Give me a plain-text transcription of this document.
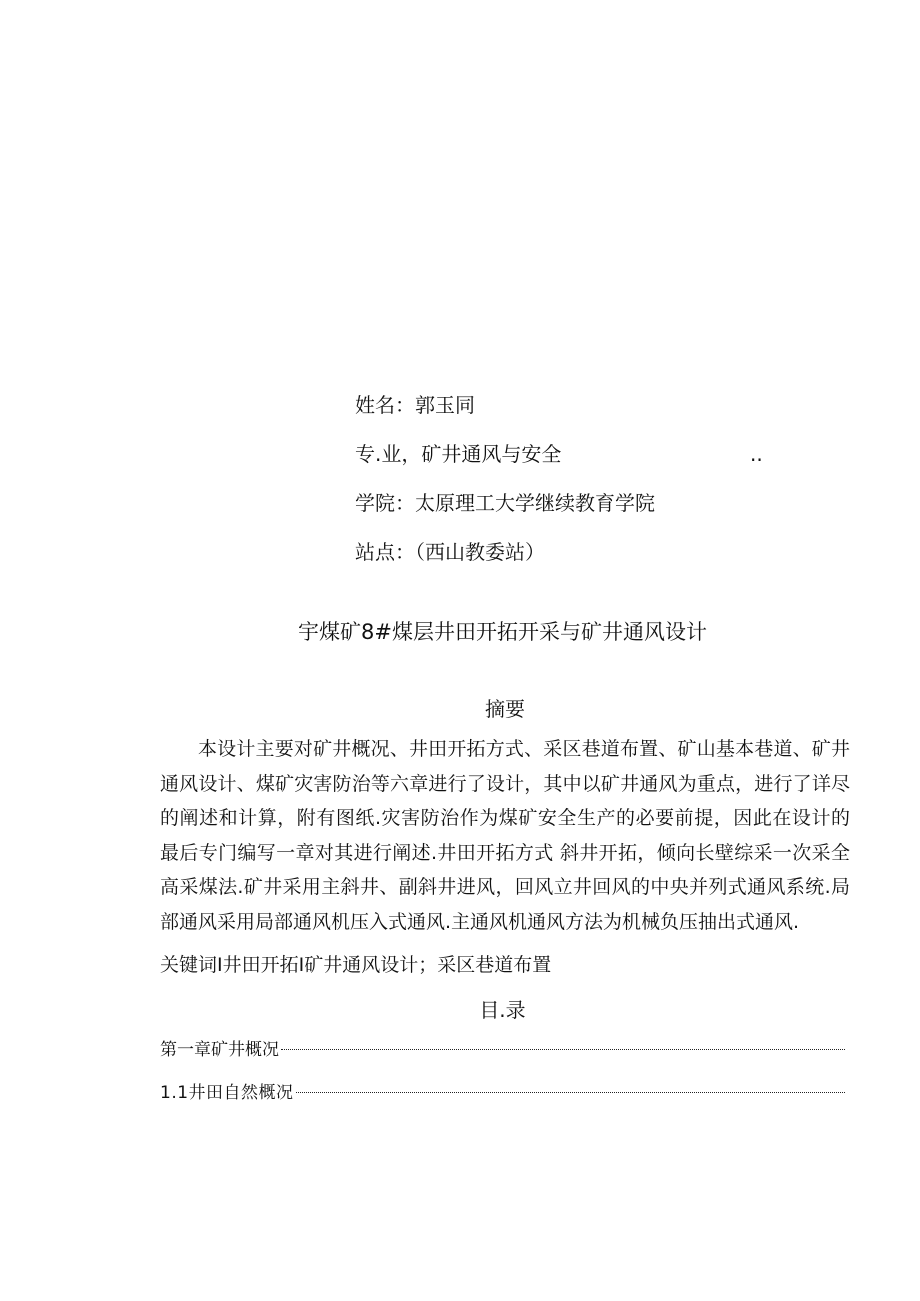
姓名：郭玉同
专.业，矿井通风与安全	..
学院：太原理工大学继续教育学院
站点：（西山教委站）
宇煤矿8#煤层井田开拓开采与矿井通风设计
摘要
本设计主要对矿井概况、井田开拓方式、采区巷道布置、矿山基本巷道、矿井通风设计、煤矿灾害防治等六章进行了设计，其中以矿井通风为重点，进行了详尽的阐述和计算，附有图纸.灾害防治作为煤矿安全生产的必要前提，因此在设计的最后专门编写一章对其进行阐述.井田开拓方式 斜井开拓，倾向长壁综采一次采全高采煤法.矿井采用主斜井、副斜井进风，回风立井回风的中央并列式通风系统.局部通风采用局部通风机压入式通风.主通风机通风方法为机械负压抽出式通风.
关键词I井田开拓I矿井通风设计；采区巷道布置
目.录
第一章矿井概况
1.1井田自然概况
